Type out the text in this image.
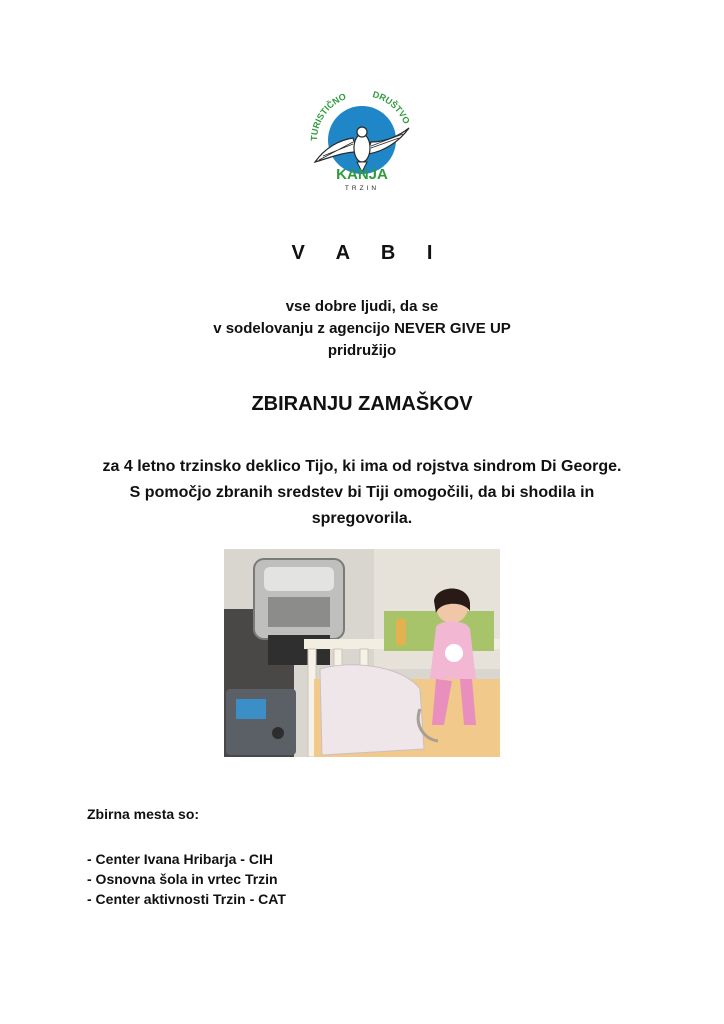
TURISTIČNO	DRUŠTVO
KANJA
TRZIN
V A B I
vse dobre ljudi, da se
v sodelovanju z agencijo NEVER GIVE UP
pridružijo
ZBIRANJU ZAMAŠKOV
za 4 letno trzinsko deklico Tijo, ki ima od rojstva sindrom Di George.
S pomočjo zbranih sredstev bi Tiji omogočili, da bi shodila in
spregovorila.
Zbirna mesta so:
- Center Ivana Hribarja - CIH
- Osnovna šola in vrtec Trzin
- Center aktivnosti Trzin - CAT
